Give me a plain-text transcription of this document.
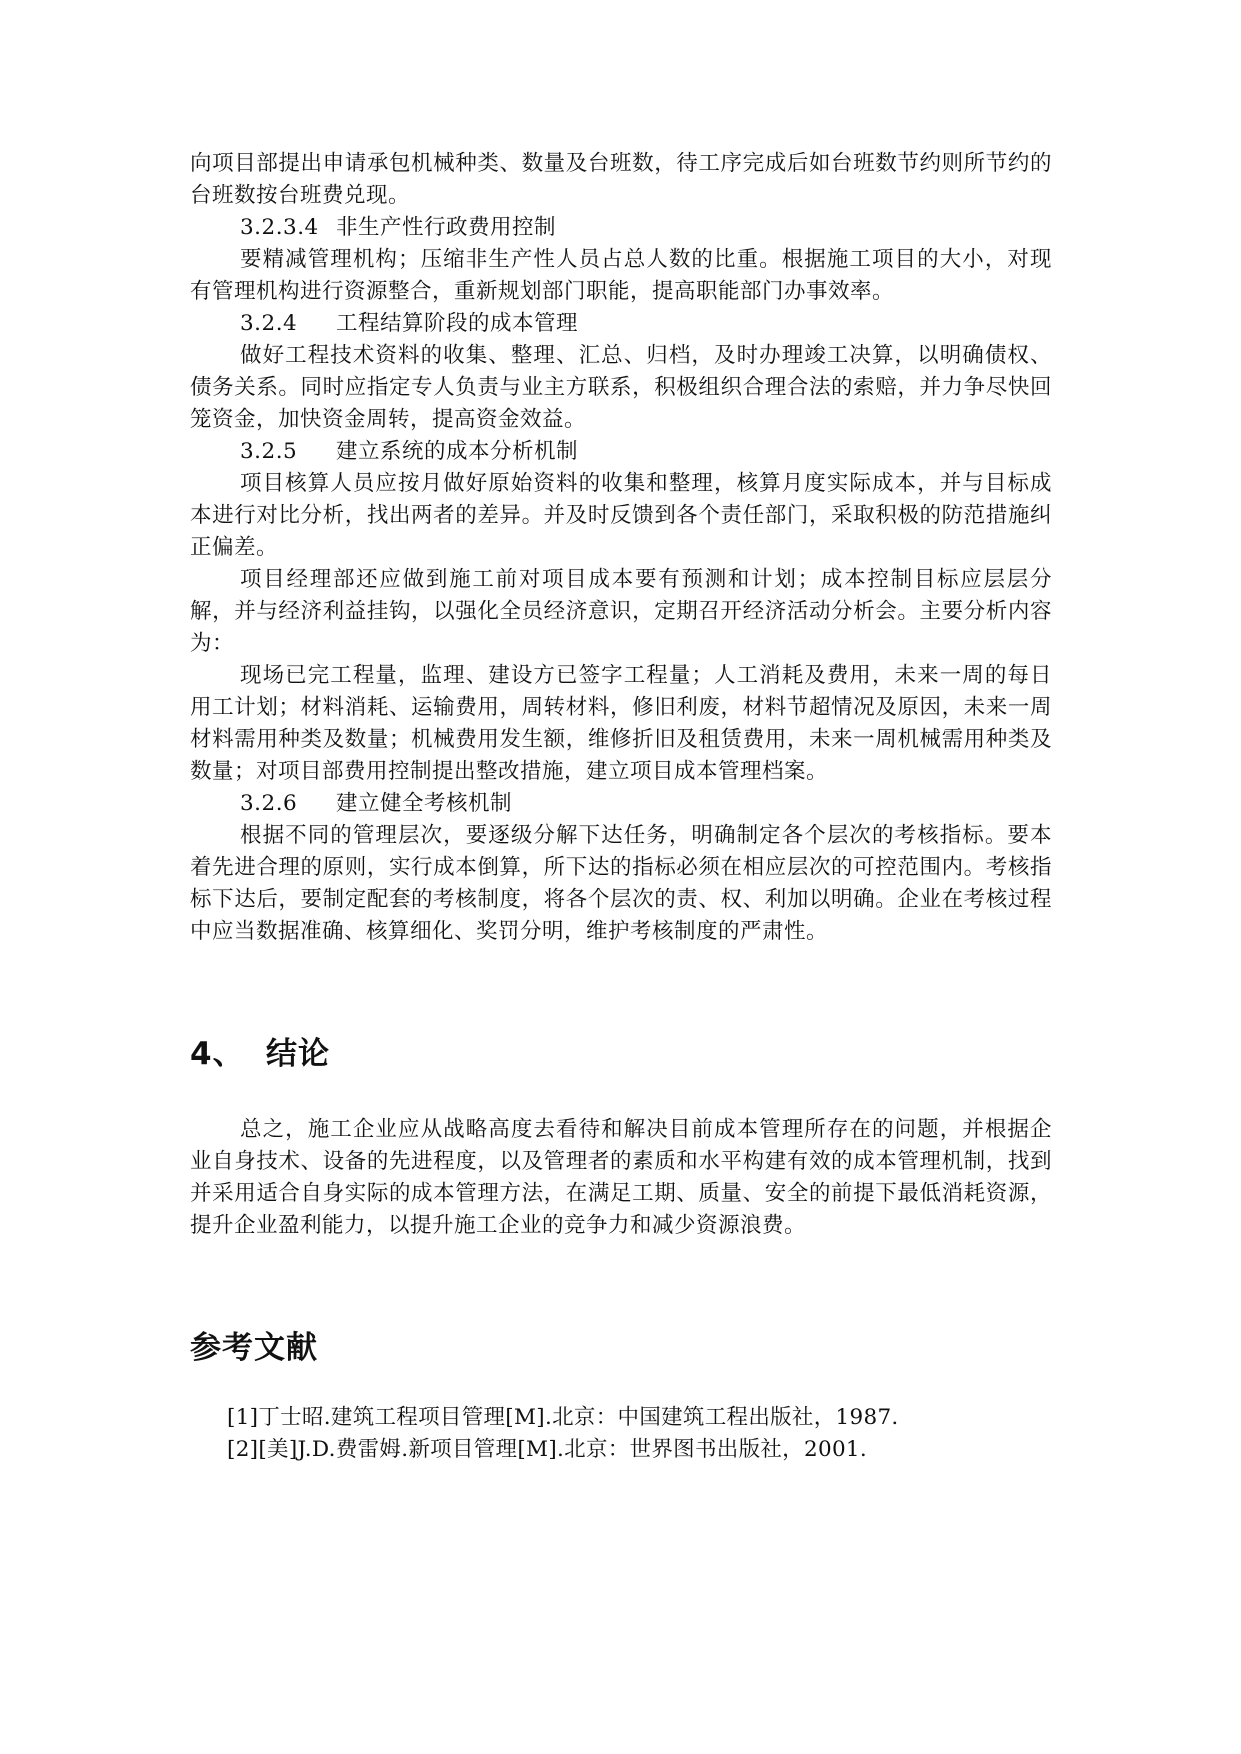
向项目部提出申请承包机械种类、数量及台班数，待工序完成后如台班数节约则所节约的台班数按台班费兑现。

3.2.3.4 非生产性行政费用控制

要精减管理机构；压缩非生产性人员占总人数的比重。根据施工项目的大小，对现有管理机构进行资源整合，重新规划部门职能，提高职能部门办事效率。

3.2.4 工程结算阶段的成本管理

做好工程技术资料的收集、整理、汇总、归档，及时办理竣工决算，以明确债权、债务关系。同时应指定专人负责与业主方联系，积极组织合理合法的索赔，并力争尽快回笼资金，加快资金周转，提高资金效益。

3.2.5 建立系统的成本分析机制

项目核算人员应按月做好原始资料的收集和整理，核算月度实际成本，并与目标成本进行对比分析，找出两者的差异。并及时反馈到各个责任部门，采取积极的防范措施纠正偏差。

项目经理部还应做到施工前对项目成本要有预测和计划；成本控制目标应层层分解，并与经济利益挂钩，以强化全员经济意识，定期召开经济活动分析会。主要分析内容为：

现场已完工程量，监理、建设方已签字工程量；人工消耗及费用，未来一周的每日用工计划；材料消耗、运输费用，周转材料，修旧利废，材料节超情况及原因，未来一周材料需用种类及数量；机械费用发生额，维修折旧及租赁费用，未来一周机械需用种类及数量；对项目部费用控制提出整改措施，建立项目成本管理档案。

3.2.6 建立健全考核机制

根据不同的管理层次，要逐级分解下达任务，明确制定各个层次的考核指标。要本着先进合理的原则，实行成本倒算，所下达的指标必须在相应层次的可控范围内。考核指标下达后，要制定配套的考核制度，将各个层次的责、权、利加以明确。企业在考核过程中应当数据准确、核算细化、奖罚分明，维护考核制度的严肃性。

4、 结论

总之，施工企业应从战略高度去看待和解决目前成本管理所存在的问题，并根据企业自身技术、设备的先进程度，以及管理者的素质和水平构建有效的成本管理机制，找到并采用适合自身实际的成本管理方法，在满足工期、质量、安全的前提下最低消耗资源，提升企业盈利能力，以提升施工企业的竞争力和减少资源浪费。

参考文献

[1]丁士昭.建筑工程项目管理[M].北京：中国建筑工程出版社，1987.

[2][美]J.D.费雷姆.新项目管理[M].北京：世界图书出版社，2001.
